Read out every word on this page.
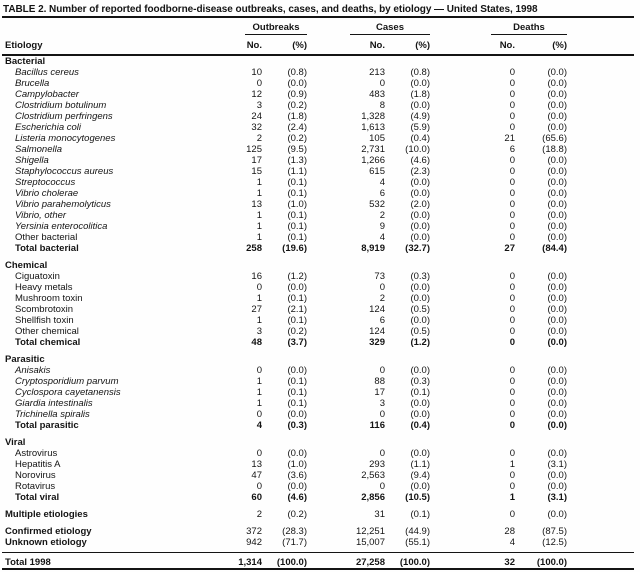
TABLE 2. Number of reported foodborne-disease outbreaks, cases, and deaths, by etiology — United States, 1998

	Outbreaks		Cases		Deaths		

Etiology	No.	(%)	No.	(%)	No.	(%)	
Bacterial							
Bacillus cereus	10	(0.8)	213	(0.8)	0	(0.0)	
Brucella	0	(0.0)	0	(0.0)	0	(0.0)	
Campylobacter	12	(0.9)	483	(1.8)	0	(0.0)	
Clostridium botulinum	3	(0.2)	8	(0.0)	0	(0.0)	
Clostridium perfringens	24	(1.8)	1,328	(4.9)	0	(0.0)	
Escherichia coli	32	(2.4)	1,613	(5.9)	0	(0.0)	
Listeria monocytogenes	2	(0.2)	105	(0.4)	21	(65.6)	
Salmonella	125	(9.5)	2,731	(10.0)	6	(18.8)	
Shigella	17	(1.3)	1,266	(4.6)	0	(0.0)	
Staphylococcus aureus	15	(1.1)	615	(2.3)	0	(0.0)	
Streptococcus	1	(0.1)	4	(0.0)	0	(0.0)	
Vibrio cholerae	1	(0.1)	6	(0.0)	0	(0.0)	
Vibrio parahemolyticus	13	(1.0)	532	(2.0)	0	(0.0)	
Vibrio, other	1	(0.1)	2	(0.0)	0	(0.0)	
Yersinia enterocolitica	1	(0.1)	9	(0.0)	0	(0.0)	
Other bacterial	1	(0.1)	4	(0.0)	0	(0.0)	
Total bacterial	258	(19.6)	8,919	(32.7)	27	(84.4)	

Chemical							
Ciguatoxin	16	(1.2)	73	(0.3)	0	(0.0)	
Heavy metals	0	(0.0)	0	(0.0)	0	(0.0)	
Mushroom toxin	1	(0.1)	2	(0.0)	0	(0.0)	
Scombrotoxin	27	(2.1)	124	(0.5)	0	(0.0)	
Shellfish toxin	1	(0.1)	6	(0.0)	0	(0.0)	
Other chemical	3	(0.2)	124	(0.5)	0	(0.0)	
Total chemical	48	(3.7)	329	(1.2)	0	(0.0)	

Parasitic							
Anisakis	0	(0.0)	0	(0.0)	0	(0.0)	
Cryptosporidium parvum	1	(0.1)	88	(0.3)	0	(0.0)	
Cyclospora cayetanensis	1	(0.1)	17	(0.1)	0	(0.0)	
Giardia intestinalis	1	(0.1)	3	(0.0)	0	(0.0)	
Trichinella spiralis	0	(0.0)	0	(0.0)	0	(0.0)	
Total parasitic	4	(0.3)	116	(0.4)	0	(0.0)	

Viral							
Astrovirus	0	(0.0)	0	(0.0)	0	(0.0)	
Hepatitis A	13	(1.0)	293	(1.1)	1	(3.1)	
Norovirus	47	(3.6)	2,563	(9.4)	0	(0.0)	
Rotavirus	0	(0.0)	0	(0.0)	0	(0.0)	
Total viral	60	(4.6)	2,856	(10.5)	1	(3.1)	

Multiple etiologies	2	(0.2)	31	(0.1)	0	(0.0)	

Confirmed etiology	372	(28.3)	12,251	(44.9)	28	(87.5)	
Unknown etiology	942	(71.7)	15,007	(55.1)	4	(12.5)	

Total 1998	1,314	(100.0)	27,258	(100.0)	32	(100.0)	
